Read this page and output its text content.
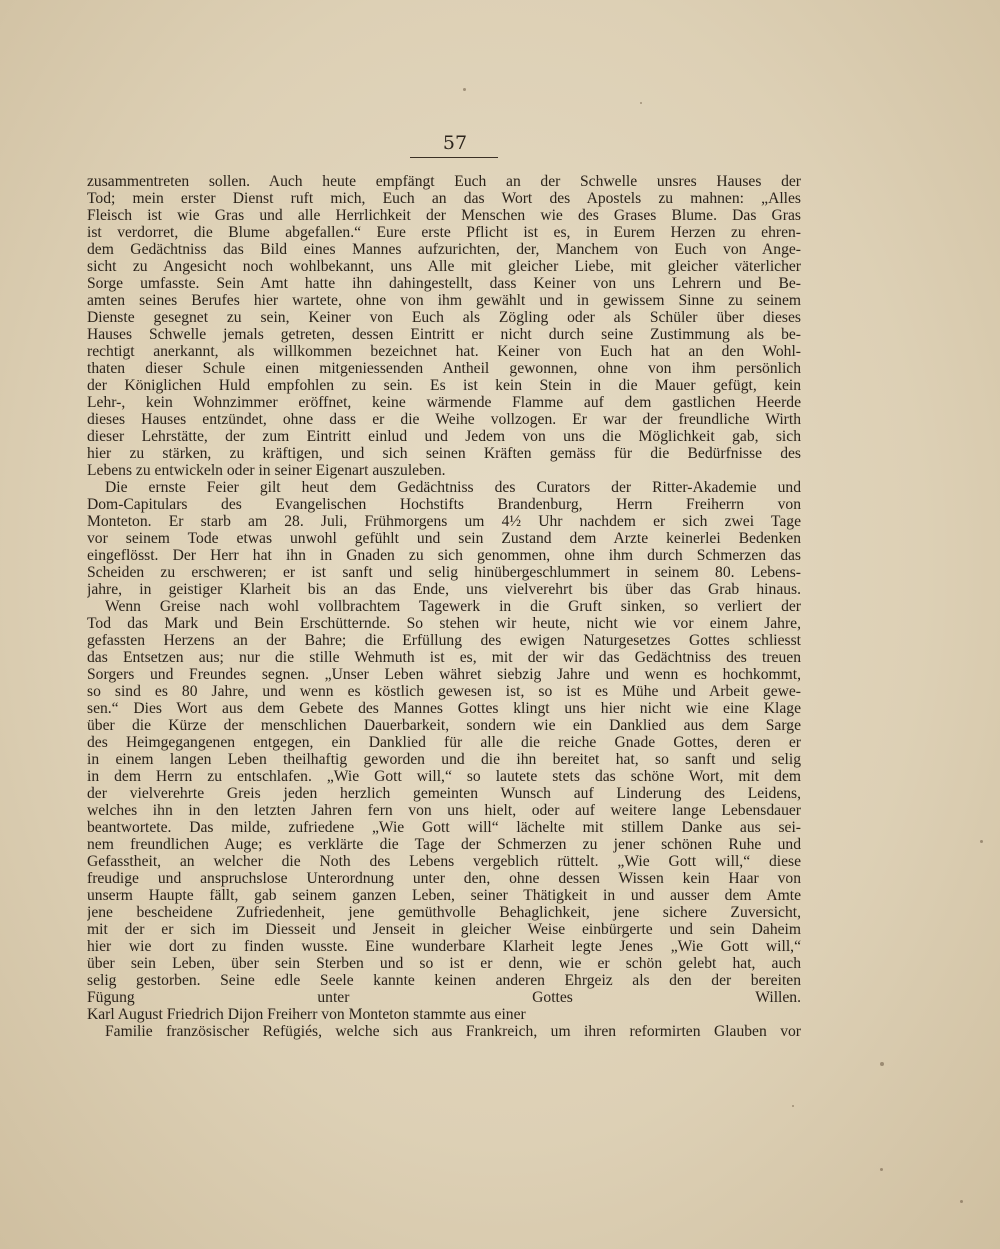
57
zusammentreten sollen. Auch heute empfängt Euch an der Schwelle unsres Hauses der
Tod; mein erster Dienst ruft mich, Euch an das Wort des Apostels zu mahnen: „Alles
Fleisch ist wie Gras und alle Herrlichkeit der Menschen wie des Grases Blume. Das Gras
ist verdorret, die Blume abgefallen.“ Eure erste Pflicht ist es, in Eurem Herzen zu ehren-
dem Gedächtniss das Bild eines Mannes aufzurichten, der, Manchem von Euch von Ange-
sicht zu Angesicht noch wohlbekannt, uns Alle mit gleicher Liebe, mit gleicher väterlicher
Sorge umfasste. Sein Amt hatte ihn dahingestellt, dass Keiner von uns Lehrern und Be-
amten seines Berufes hier wartete, ohne von ihm gewählt und in gewissem Sinne zu seinem
Dienste gesegnet zu sein, Keiner von Euch als Zögling oder als Schüler über dieses
Hauses Schwelle jemals getreten, dessen Eintritt er nicht durch seine Zustimmung als be-
rechtigt anerkannt, als willkommen bezeichnet hat. Keiner von Euch hat an den Wohl-
thaten dieser Schule einen mitgeniessenden Antheil gewonnen, ohne von ihm persönlich
der Königlichen Huld empfohlen zu sein. Es ist kein Stein in die Mauer gefügt, kein
Lehr-, kein Wohnzimmer eröffnet, keine wärmende Flamme auf dem gastlichen Heerde
dieses Hauses entzündet, ohne dass er die Weihe vollzogen. Er war der freundliche Wirth
dieser Lehrstätte, der zum Eintritt einlud und Jedem von uns die Möglichkeit gab, sich
hier zu stärken, zu kräftigen, und sich seinen Kräften gemäss für die Bedürfnisse des
Lebens zu entwickeln oder in seiner Eigenart auszuleben.
Die ernste Feier gilt heut dem Gedächtniss des Curators der Ritter-Akademie und
Dom-Capitulars des Evangelischen Hochstifts Brandenburg, Herrn Freiherrn von
Monteton. Er starb am 28. Juli, Frühmorgens um 4½ Uhr nachdem er sich zwei Tage
vor seinem Tode etwas unwohl gefühlt und sein Zustand dem Arzte keinerlei Bedenken
eingeflösst. Der Herr hat ihn in Gnaden zu sich genommen, ohne ihm durch Schmerzen das
Scheiden zu erschweren; er ist sanft und selig hinübergeschlummert in seinem 80. Lebens-
jahre, in geistiger Klarheit bis an das Ende, uns vielverehrt bis über das Grab hinaus.
Wenn Greise nach wohl vollbrachtem Tagewerk in die Gruft sinken, so verliert der
Tod das Mark und Bein Erschütternde. So stehen wir heute, nicht wie vor einem Jahre,
gefassten Herzens an der Bahre; die Erfüllung des ewigen Naturgesetzes Gottes schliesst
das Entsetzen aus; nur die stille Wehmuth ist es, mit der wir das Gedächtniss des treuen
Sorgers und Freundes segnen. „Unser Leben währet siebzig Jahre und wenn es hochkommt,
so sind es 80 Jahre, und wenn es köstlich gewesen ist, so ist es Mühe und Arbeit gewe-
sen.“ Dies Wort aus dem Gebete des Mannes Gottes klingt uns hier nicht wie eine Klage
über die Kürze der menschlichen Dauerbarkeit, sondern wie ein Danklied aus dem Sarge
des Heimgegangenen entgegen, ein Danklied für alle die reiche Gnade Gottes, deren er
in einem langen Leben theilhaftig geworden und die ihn bereitet hat, so sanft und selig
in dem Herrn zu entschlafen. „Wie Gott will,“ so lautete stets das schöne Wort, mit dem
der vielverehrte Greis jeden herzlich gemeinten Wunsch auf Linderung des Leidens,
welches ihn in den letzten Jahren fern von uns hielt, oder auf weitere lange Lebensdauer
beantwortete. Das milde, zufriedene „Wie Gott will“ lächelte mit stillem Danke aus sei-
nem freundlichen Auge; es verklärte die Tage der Schmerzen zu jener schönen Ruhe und
Gefasstheit, an welcher die Noth des Lebens vergeblich rüttelt. „Wie Gott will,“ diese
freudige und anspruchslose Unterordnung unter den, ohne dessen Wissen kein Haar von
unserm Haupte fällt, gab seinem ganzen Leben, seiner Thätigkeit in und ausser dem Amte
jene bescheidene Zufriedenheit, jene gemüthvolle Behaglichkeit, jene sichere Zuversicht,
mit der er sich im Diesseit und Jenseit in gleicher Weise einbürgerte und sein Daheim
hier wie dort zu finden wusste. Eine wunderbare Klarheit legte Jenes „Wie Gott will,“
über sein Leben, über sein Sterben und so ist er denn, wie er schön gelebt hat, auch
selig gestorben. Seine edle Seele kannte keinen anderen Ehrgeiz als den der bereiten
Fügung unter Gottes Willen.
Karl August Friedrich Dijon Freiherr von Monteton stammte aus einer
Familie französischer Refügiés, welche sich aus Frankreich, um ihren reformirten Glauben vor
